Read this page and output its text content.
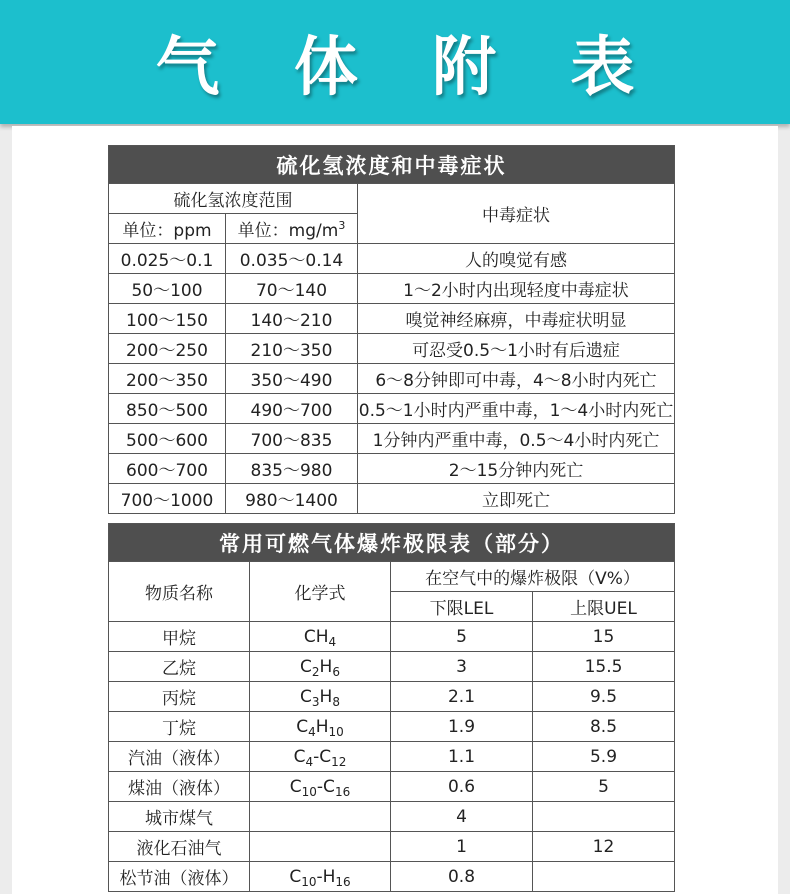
气 体 附 表
硫化氢浓度和中毒症状		
硫化氢浓度范围		中毒症状
单位：ppm	单位：$mg/m^3$
0.025～0.1	0.035～0.14	人的嗅觉有感
50～100	70～140	1～2小时内出现轻度中毒症状
100～150	140～210	嗅觉神经麻痹，中毒症状明显
200～250	210～350	可忍受0.5～1小时有后遗症
200～350	350～490	6～8分钟即可中毒，4～8小时内死亡
850～500	490～700	0.5～1小时内严重中毒，1～4小时内死亡
500～600	700～835	1分钟内严重中毒，0.5～4小时内死亡
600～700	835～980	2～15分钟内死亡
700～1000	980～1400	立即死亡
常用可燃气体爆炸极限表（部分）			
物质名称	化学式	在空气中的爆炸极限（V%）	
		下限LEL	上限UEL
甲烷	$CH_4$	5	15
乙烷	$C_2H_6$	3	15.5
丙烷	$C_3H_8$	2.1	9.5
丁烷	$C_4H_{10}$	1.9	8.5
汽油（液体）	$C_4-C_{12}$	1.1	5.9
煤油（液体）	$C_{10}-C_{16}$	0.6	5
城市煤气		4	
液化石油气		1	12
松节油（液体）	$C_{10}-H_{16}$	0.8	
